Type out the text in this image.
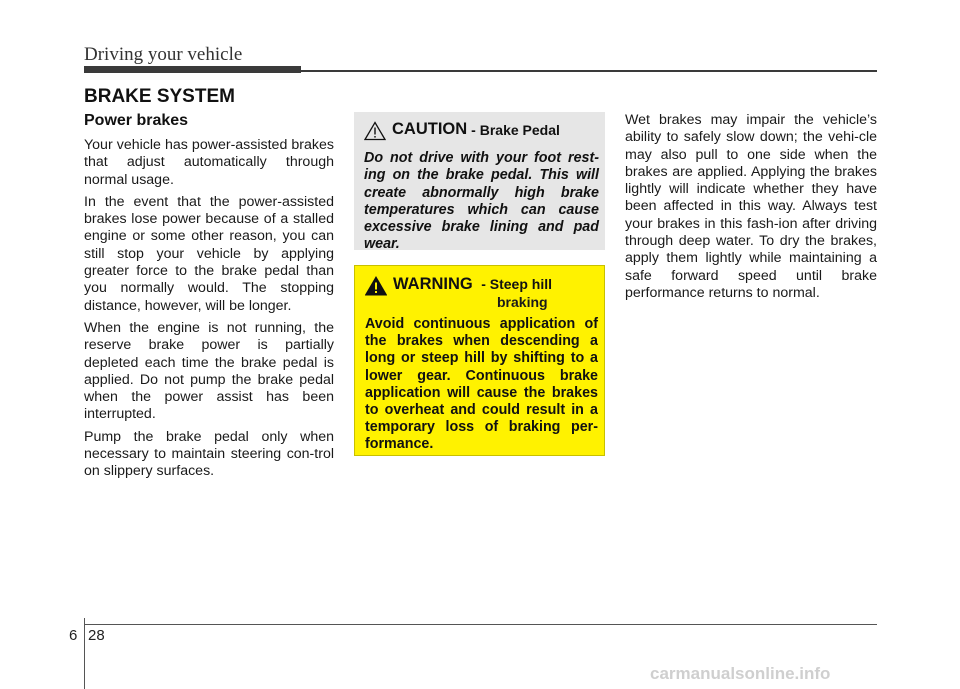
Driving your vehicle
BRAKE SYSTEM
Power brakes

Your vehicle has power-assisted brakes that adjust automatically through normal usage.

In the event that the power-assisted brakes lose power because of a stalled engine or some other reason, you can still stop your vehicle by applying greater force to the brake pedal than you normally would. The stopping distance, however, will be longer.

When the engine is not running, the reserve brake power is partially depleted each time the brake pedal is applied. Do not pump the brake pedal when the power assist has been interrupted.

Pump the brake pedal only when necessary to maintain steering con-trol on slippery surfaces.

CAUTION - Brake Pedal

Do not drive with your foot rest-ing on the brake pedal. This will create abnormally high brake temperatures which can cause excessive brake lining and pad wear.

WARNING - Steep hill
braking

Avoid continuous application of the brakes when descending a long or steep hill by shifting to a lower gear. Continuous brake application will cause the brakes to overheat and could result in a temporary loss of braking per-formance.

Wet brakes may impair the vehicle’s ability to safely slow down; the vehi-cle may also pull to one side when the brakes are applied. Applying the brakes lightly will indicate whether they have been affected in this way. Always test your brakes in this fash-ion after driving through deep water. To dry the brakes, apply them lightly while maintaining a safe forward speed until brake performance returns to normal.

6 28
carmanualsonline.info
